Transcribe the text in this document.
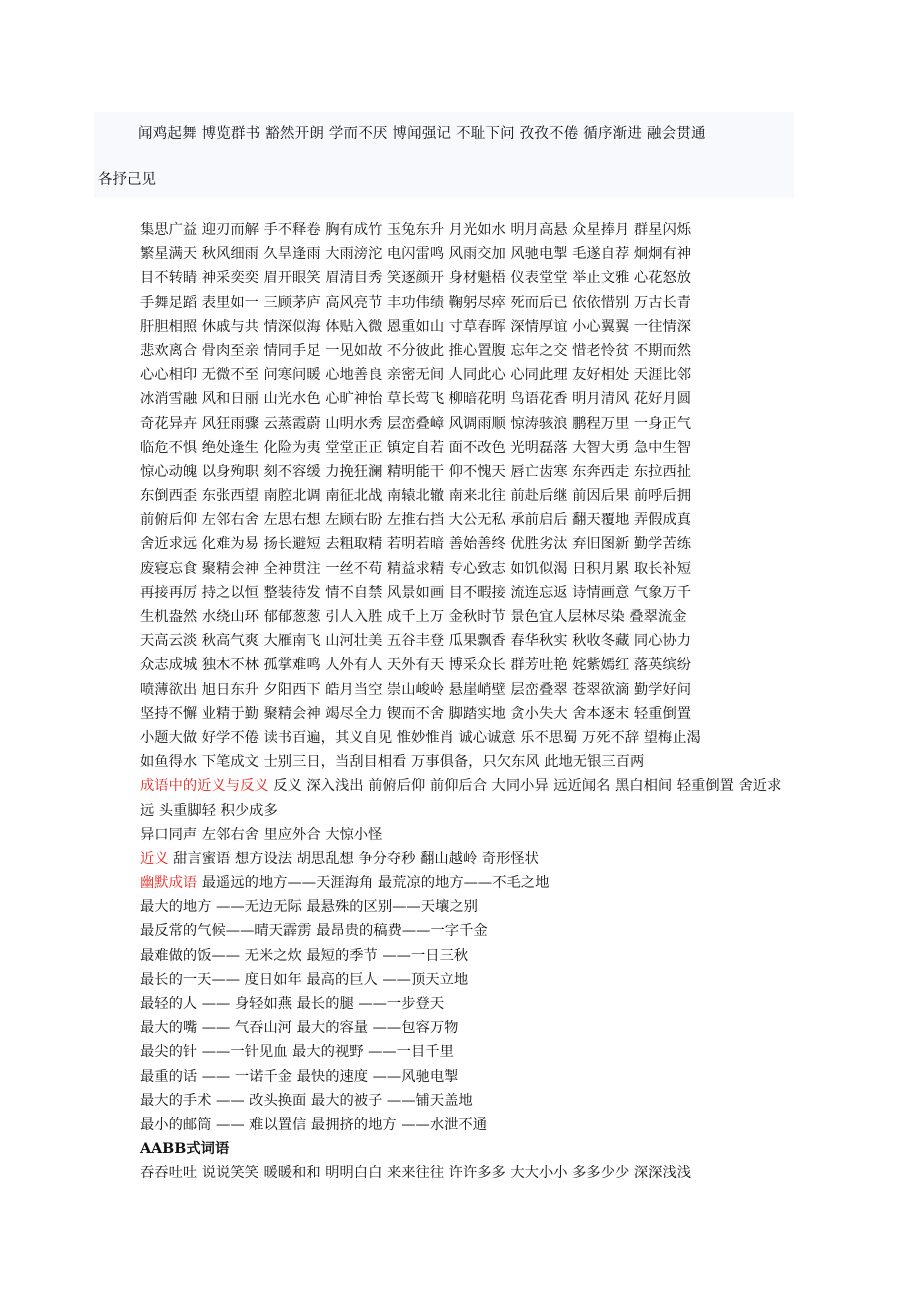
闻鸡起舞 博览群书 豁然开朗 学而不厌 博闻强记 不耻下问 孜孜不倦 循序渐进 融会贯通
各抒己见
集思广益 迎刃而解 手不释卷 胸有成竹 玉兔东升 月光如水 明月高悬 众星捧月 群星闪烁
繁星满天 秋风细雨 久旱逢雨 大雨滂沱 电闪雷鸣 风雨交加 风驰电掣 毛遂自荐 炯炯有神
目不转睛 神采奕奕 眉开眼笑 眉清目秀 笑逐颜开 身材魁梧 仪表堂堂 举止文雅 心花怒放
手舞足蹈 表里如一 三顾茅庐 高风亮节 丰功伟绩 鞠躬尽瘁 死而后已 依依惜别 万古长青
肝胆相照 休戚与共 情深似海 体贴入微 恩重如山 寸草春晖 深情厚谊 小心翼翼 一往情深
悲欢离合 骨肉至亲 情同手足 一见如故 不分彼此 推心置腹 忘年之交 惜老怜贫 不期而然
心心相印 无微不至 问寒问暖 心地善良 亲密无间 人同此心 心同此理 友好相处 天涯比邻
冰消雪融 风和日丽 山光水色 心旷神怡 草长莺飞 柳暗花明 鸟语花香 明月清风 花好月圆
奇花异卉 风狂雨骤 云蒸霞蔚 山明水秀 层峦叠嶂 风调雨顺 惊涛骇浪 鹏程万里 一身正气
临危不惧 绝处逢生 化险为夷 堂堂正正 镇定自若 面不改色 光明磊落 大智大勇 急中生智
惊心动魄 以身殉职 刻不容缓 力挽狂澜 精明能干 仰不愧天 唇亡齿寒 东奔西走 东拉西扯
东倒西歪 东张西望 南腔北调 南征北战 南辕北辙 南来北往 前赴后继 前因后果 前呼后拥
前俯后仰 左邻右舍 左思右想 左顾右盼 左推右挡 大公无私 承前启后 翻天覆地 弄假成真
舍近求远 化难为易 扬长避短 去粗取精 若明若暗 善始善终 优胜劣汰 弃旧图新 勤学苦练
废寝忘食 聚精会神 全神贯注 一丝不苟 精益求精 专心致志 如饥似渴 日积月累 取长补短
再接再厉 持之以恒 整装待发 情不自禁 风景如画 目不暇接 流连忘返 诗情画意 气象万千
生机盎然 水绕山环 郁郁葱葱 引人入胜 成千上万 金秋时节 景色宜人层林尽染 叠翠流金
天高云淡 秋高气爽 大雁南飞 山河壮美 五谷丰登 瓜果飘香 春华秋实 秋收冬藏 同心协力
众志成城 独木不林 孤掌难鸣 人外有人 天外有天 博采众长 群芳吐艳 姹紫嫣红 落英缤纷
喷薄欲出 旭日东升 夕阳西下 皓月当空 崇山峻岭 悬崖峭壁 层峦叠翠 苍翠欲滴 勤学好问
坚持不懈 业精于勤 聚精会神 竭尽全力 锲而不舍 脚踏实地 贪小失大 舍本逐末 轻重倒置
小题大做 好学不倦 读书百遍，其义自见 惟妙惟肖 诚心诚意 乐不思蜀 万死不辞 望梅止渴
如鱼得水 下笔成文 士别三日，当刮目相看 万事俱备，只欠东风 此地无银三百两
成语中的近义与反义 反义 深入浅出 前俯后仰 前仰后合 大同小异 远近闻名 黑白相间 轻重倒置 舍近求远 头重脚轻 积少成多
异口同声 左邻右舍 里应外合 大惊小怪
近义 甜言蜜语 想方设法 胡思乱想 争分夺秒 翻山越岭 奇形怪状
幽默成语 最遥远的地方——天涯海角 最荒凉的地方——不毛之地
最大的地方 ——无边无际 最悬殊的区别——天壤之别
最反常的气候——晴天霹雳 最昂贵的稿费——一字千金
最难做的饭—— 无米之炊 最短的季节 ——一日三秋
最长的一天—— 度日如年 最高的巨人 ——顶天立地
最轻的人 —— 身轻如燕 最长的腿 ——一步登天
最大的嘴 —— 气吞山河 最大的容量 ——包容万物
最尖的针 ——一针见血 最大的视野 ——一目千里
最重的话 —— 一诺千金 最快的速度 ——风驰电掣
最大的手术 —— 改头换面 最大的被子 ——铺天盖地
最小的邮筒 —— 难以置信 最拥挤的地方 ——水泄不通
AABB式词语
吞吞吐吐 说说笑笑 暖暖和和 明明白白 来来往往 许许多多 大大小小 多多少少 深深浅浅
